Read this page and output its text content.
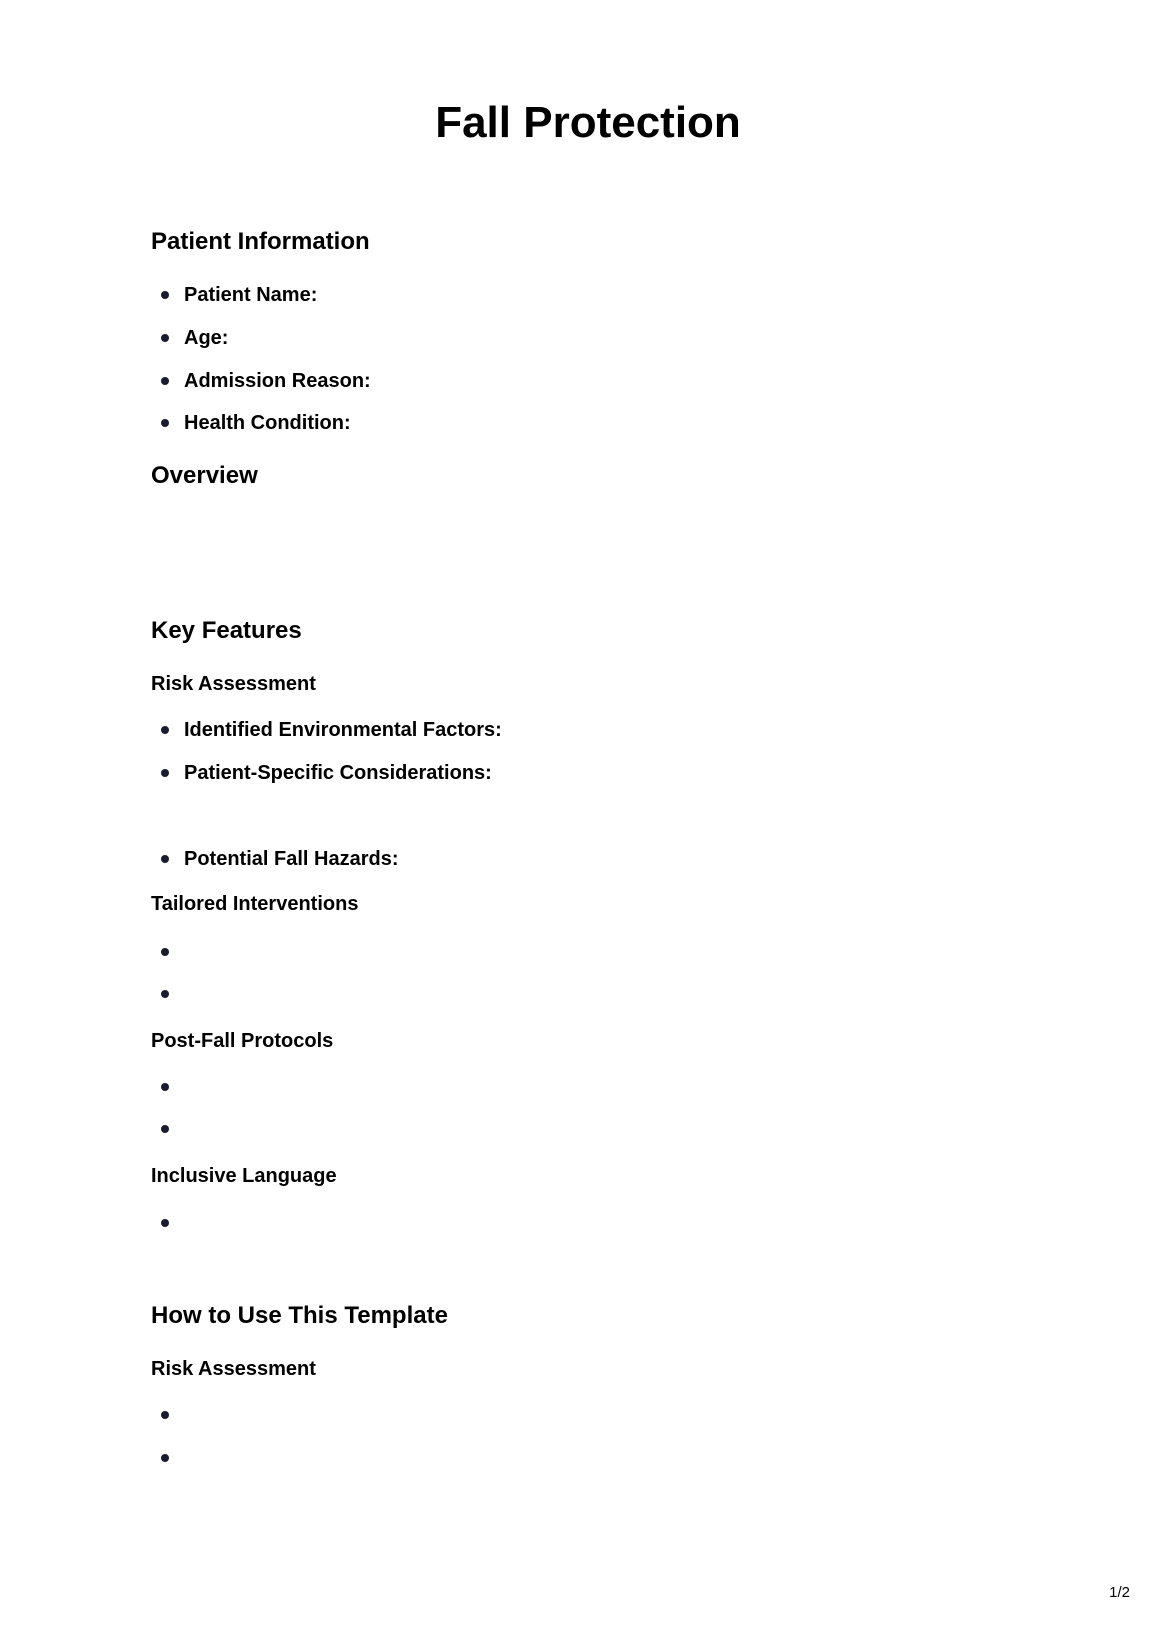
Fall Protection
Patient Information
Patient Name:
Age:
Admission Reason:
Health Condition:
Overview
Key Features
Risk Assessment
Identified Environmental Factors:
Patient-Specific Considerations:
Potential Fall Hazards:
Tailored Interventions
Post-Fall Protocols
Inclusive Language
How to Use This Template
Risk Assessment
1/2
